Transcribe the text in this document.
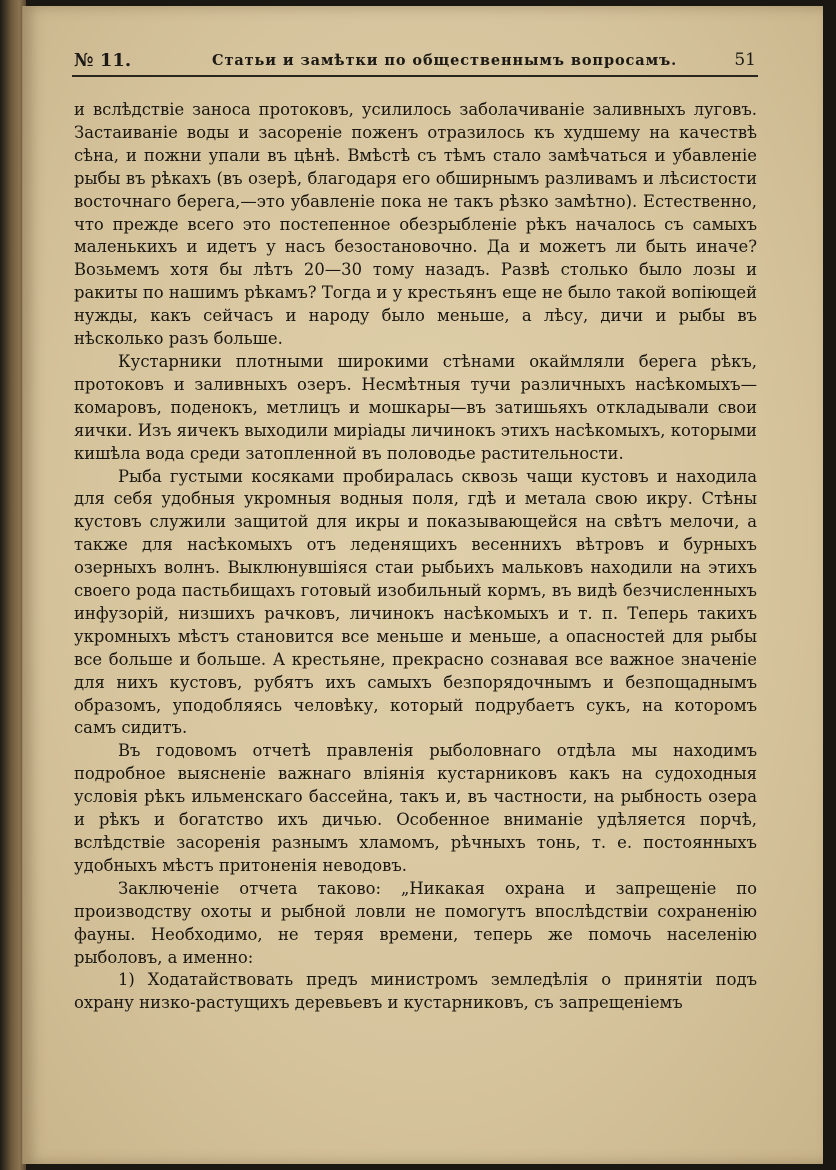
№ 11.	Статьи и замѣтки по общественнымъ вопросамъ.	51

и вслѣдствіе заноса протоковъ, усилилось заболачиваніе заливныхъ луговъ. Застаиваніе воды и засореніе поженъ отразилось къ худшему на качествѣ сѣна, и пожни упали въ цѣнѣ. Вмѣстѣ съ тѣмъ стало замѣчаться и убавленіе рыбы въ рѣкахъ (въ озерѣ, благодаря его обширнымъ разливамъ и лѣсистости восточнаго берега,—это убавленіе пока не такъ рѣзко замѣтно). Естественно, что прежде всего это постепенное обезрыбленіе рѣкъ началось съ самыхъ маленькихъ и идетъ у насъ безостановочно. Да и можетъ ли быть иначе? Возьмемъ хотя бы лѣтъ 20—30 тому назадъ. Развѣ столько было лозы и ракиты по нашимъ рѣкамъ? Тогда и у крестьянъ еще не было такой вопіющей нужды, какъ сейчасъ и народу было меньше, а лѣсу, дичи и рыбы въ нѣсколько разъ больше.

Кустарники плотными широкими стѣнами окаймляли берега рѣкъ, протоковъ и заливныхъ озеръ. Несмѣтныя тучи различныхъ насѣкомыхъ—комаровъ, поденокъ, метлицъ и мошкары—въ затишьяхъ откладывали свои яички. Изъ яичекъ выходили миріады личинокъ этихъ насѣкомыхъ, которыми кишѣла вода среди затопленной въ половодье растительности.

Рыба густыми косяками пробиралась сквозь чащи кустовъ и находила для себя удобныя укромныя водныя поля, гдѣ и метала свою икру. Стѣны кустовъ служили защитой для икры и показывающейся на свѣтъ мелочи, а также для насѣкомыхъ отъ леденящихъ весеннихъ вѣтровъ и бурныхъ озерныхъ волнъ. Выклюнувшіяся стаи рыбьихъ мальковъ находили на этихъ своего рода пастьбищахъ готовый изобильный кормъ, въ видѣ безчисленныхъ инфузорій, низшихъ рачковъ, личинокъ насѣкомыхъ и т. п. Теперь такихъ укромныхъ мѣстъ становится все меньше и меньше, а опасностей для рыбы все больше и больше. А крестьяне, прекрасно сознавая все важное значеніе для нихъ кустовъ, рубятъ ихъ самыхъ безпорядочнымъ и безпощаднымъ образомъ, уподобляясь человѣку, который подрубаетъ сукъ, на которомъ самъ сидитъ.

Въ годовомъ отчетѣ правленія рыболовнаго отдѣла мы находимъ подробное выясненіе важнаго вліянія кустарниковъ какъ на судоходныя условія рѣкъ ильменскаго бассейна, такъ и, въ частности, на рыбность озера и рѣкъ и богатство ихъ дичью. Особенное вниманіе удѣляется порчѣ, вслѣдствіе засоренія разнымъ хламомъ, рѣчныхъ тонь, т. е. постоянныхъ удобныхъ мѣстъ притоненія неводовъ.

Заключеніе отчета таково: „Никакая охрана и запрещеніе по производству охоты и рыбной ловли не помогутъ впослѣдствіи сохраненію фауны. Необходимо, не теряя времени, теперь же помочь населенію рыболовъ, а именно:

1) Ходатайствовать предъ министромъ земледѣлія о принятіи подъ охрану низко-растущихъ деревьевъ и кустарниковъ, съ запрещеніемъ
